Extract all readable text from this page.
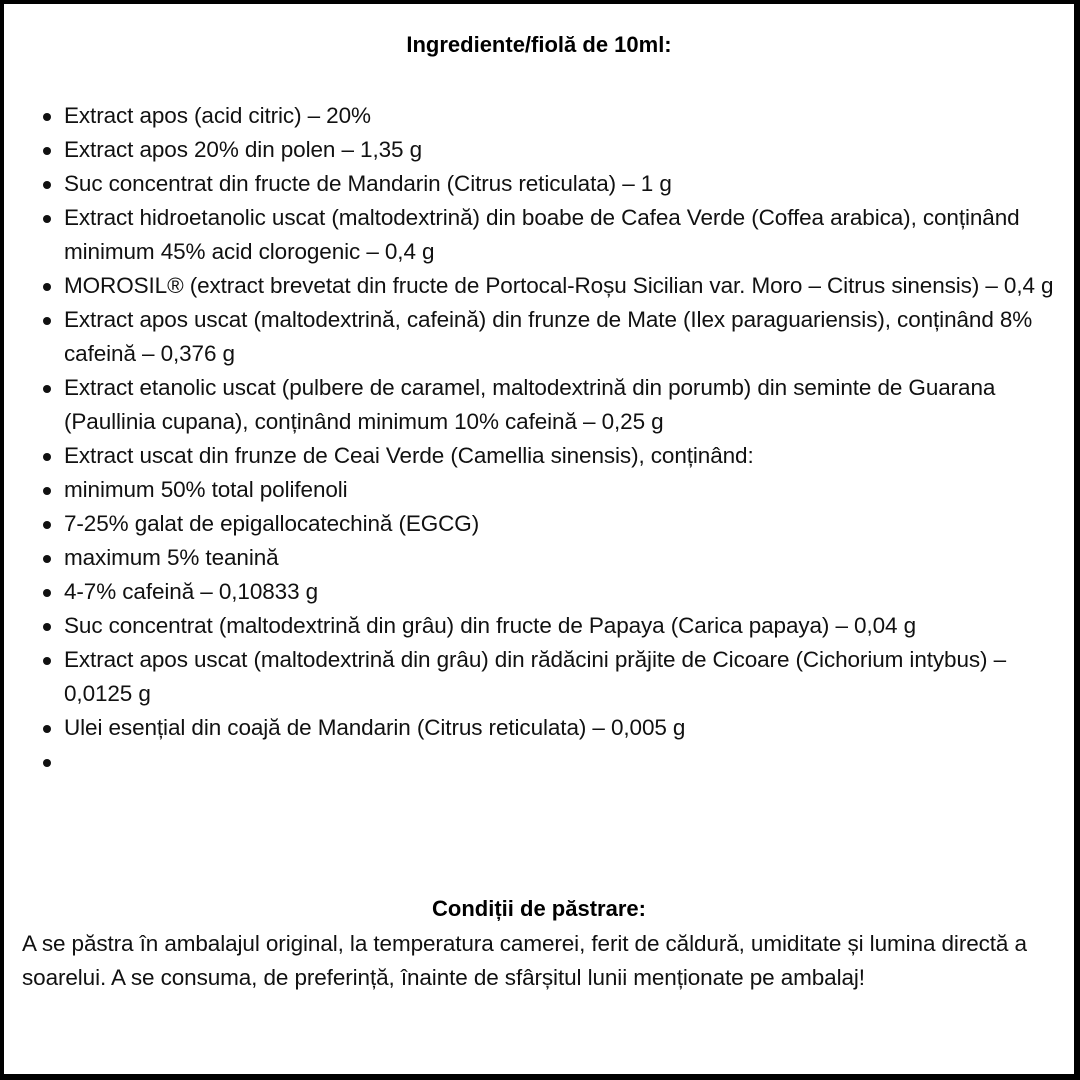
Ingrediente/fiolă de 10ml:
Extract apos (acid citric) – 20%
Extract apos 20% din polen – 1,35 g
Suc concentrat din fructe de Mandarin (Citrus reticulata) – 1 g
Extract hidroetanolic uscat (maltodextrină) din boabe de Cafea Verde (Coffea arabica), conținând minimum 45% acid clorogenic – 0,4 g
MOROSIL® (extract brevetat din fructe de Portocal-Roșu Sicilian var. Moro – Citrus sinensis) – 0,4 g
Extract apos uscat (maltodextrină, cafeină) din frunze de Mate (Ilex paraguariensis), conținând 8% cafeină – 0,376 g
Extract etanolic uscat (pulbere de caramel, maltodextrină din porumb) din seminte de Guarana (Paullinia cupana), conținând minimum 10% cafeină – 0,25 g
Extract uscat din frunze de Ceai Verde (Camellia sinensis), conținând:
minimum 50% total polifenoli
7-25% galat de epigallocatechină (EGCG)
maximum 5% teanină
4-7% cafeină – 0,10833 g
Suc concentrat (maltodextrină din grâu) din fructe de Papaya (Carica papaya) – 0,04 g
Extract apos uscat (maltodextrină din grâu) din rădăcini prăjite de Cicoare (Cichorium intybus) – 0,0125 g
Ulei esențial din coajă de Mandarin (Citrus reticulata) – 0,005 g
Condiții de păstrare:

A se păstra în ambalajul original, la temperatura camerei, ferit de căldură, umiditate și lumina directă a soarelui. A se consuma, de preferință, înainte de sfârșitul lunii menționate pe ambalaj!
